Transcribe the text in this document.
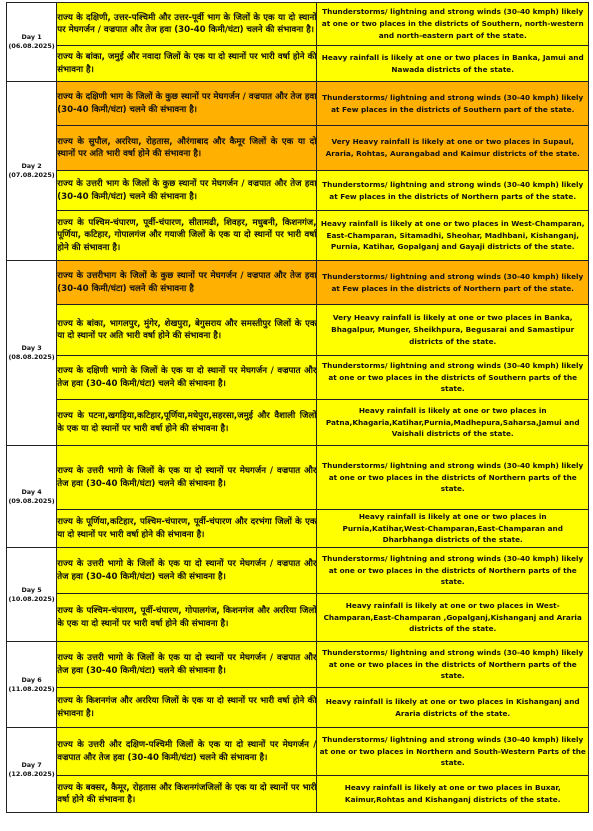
Day 1
(06.08.2025)	राज्य के दक्षिणी, उत्तर-पश्चिमी और उत्तर-पूर्वी भाग के जिलों के एक या दो स्थानों पर मेघगर्जन / वज्रपात और तेज हवा (30-40 किमी/घंटा) चलने की संभावना है।	Thunderstorms/ lightning and strong winds (30-40 kmph) likely at one or two places in the districts of Southern, north-western and north-eastern part of the state.
	राज्य के बांका, जमुई और नवादा जिलों के एक या दो स्थानों पर भारी वर्षा होने की संभावना है।	Heavy rainfall is likely at one or two places in Banka, Jamui and Nawada districts of the state.

Day 2
(07.08.2025)	राज्य के दक्षिणी भाग के जिलों के कुछ स्थानों पर मेघगर्जन / वज्रपात और तेज हवा (30-40 किमी/घंटा) चलने की संभावना है।	Thunderstorms/ lightning and strong winds (30-40 kmph) likely at Few places in the districts of Southern part of the state.
	राज्य के सुपौल, अररिया, रोहतास, औरंगाबाद और कैमूर जिलों के एक या दो स्थानों पर अति भारी वर्षा होने की संभावना है।	Very Heavy rainfall is likely at one or two places in Supaul, Araria, Rohtas, Aurangabad and Kaimur districts of the state.
	राज्य के उत्तरी भाग के जिलों के कुछ स्थानों पर मेघगर्जन / वज्रपात और तेज हवा (30-40 किमी/घंटा) चलने की संभावना है।	Thunderstorms/ lightning and strong winds (30-40 kmph) likely at Few places in the districts of Northern parts of the state.
	राज्य के पश्चिम-चंपारण, पूर्वी-चंपारण, सीतामढी, शिवहर, मधुबनी, किशनगंज, पूर्णिया, कटिहार, गोपालगंज और गयाजी जिलों के एक या दो स्थानों पर भारी वर्षा होने की संभावना है।	Heavy rainfall is likely at one or two places in West-Champaran, East-Champaran, Sitamadhi, Sheohar, Madhbani, Kishanganj, Purnia, Katihar, Gopalganj and Gayaji districts of the state.

Day 3
(08.08.2025)	राज्य के उत्तरीभाग के जिलों के कुछ स्थानों पर मेघगर्जन / वज्रपात और तेज हवा (30-40 किमी/घंटा) चलने की संभावना है	Thunderstorms/ lightning and strong winds (30-40 kmph) likely at Few places in the districts of Northern part of the state.
	राज्य के बांका, भागलपुर, मुंगेर, शेखपुरा, बेगुसराय और समस्तीपुर जिलों के एक या दो स्थानों पर अति भारी वर्षा होने की संभावना है।	Very Heavy rainfall is likely at one or two places in Banka, Bhagalpur, Munger, Sheikhpura, Begusarai and Samastipur districts of the state.
	राज्य के दक्षिणी भागो के जिलों के एक या दो स्थानों पर मेघगर्जन / वज्रपात और तेज हवा (30-40 किमी/घंटा) चलने की संभावना है।	Thunderstorms/ lightning and strong winds (30-40 kmph) likely at one or two places in the districts of Southern parts of the state.
	राज्य के पटना,खगड़िया,कटिहार,पूर्णिया,मधेपुरा,सहरसा,जमुई और वैशाली जिलों के एक या दो स्थानों पर भारी वर्षा होने की संभावना है।	Heavy rainfall is likely at one or two places in Patna,Khagaria,Katihar,Purnia,Madhepura,Saharsa,Jamui and Vaishali districts of the state.

Day 4
(09.08.2025)	राज्य के उत्तरी भागो के जिलों के एक या दो स्थानों पर मेघगर्जन / वज्रपात और तेज हवा (30-40 किमी/घंटा) चलने की संभावना है।	Thunderstorms/ lightning and strong winds (30-40 kmph) likely at one or two places in the districts of Northern parts of the state.
	राज्य के पूर्णिया,कटिहार, पश्चिम-चंपारण, पूर्वी-चंपारण और दरभंगा जिलों के एक या दो स्थानों पर भारी वर्षा होने की संभावना है।	Heavy rainfall is likely at one or two places in Purnia,Katihar,West-Champaran,East-Champaran and Dharbhanga districts of the state.

Day 5
(10.08.2025)	राज्य के उत्तरी भागो के जिलों के एक या दो स्थानों पर मेघगर्जन / वज्रपात और तेज हवा (30-40 किमी/घंटा) चलने की संभावना है।	Thunderstorms/ lightning and strong winds (30-40 kmph) likely at one or two places in the districts of Northern parts of the state.
	राज्य के पश्चिम-चंपारण, पूर्वी-चंपारण, गोपालगंज, किशनगंज और अररिया जिलों के एक या दो स्थानों पर भारी वर्षा होने की संभावना है।	Heavy rainfall is likely at one or two places in West-Champaran,East-Champaran ,Gopalganj,Kishanganj and Araria districts of the state.

Day 6
(11.08.2025)	राज्य के उत्तरी भागो के जिलों के एक या दो स्थानों पर मेघगर्जन / वज्रपात और तेज हवा (30-40 किमी/घंटा) चलने की संभावना है।	Thunderstorms/ lightning and strong winds (30-40 kmph) likely at one or two places in the districts of Northern parts of the state.
	राज्य के किशनगंज और अररिया जिलों के एक या दो स्थानों पर भारी वर्षा होने की संभावना है।	Heavy rainfall is likely at one or two places in Kishanganj and Araria districts of the state.

Day 7
(12.08.2025)	राज्य के उत्तरी और दक्षिण-पश्चिमी जिलों के एक या दो स्थानों पर मेघगर्जन / वज्रपात और तेज हवा (30-40 किमी/घंटा) चलने की संभावना है।	Thunderstorms/ lightning and strong winds (30-40 kmph) likely at one or two places in Northern and South-Western Parts of the state.
	राज्य के बक्सर, कैमूर, रोहतास और किशनगंजजिलों के एक या दो स्थानों पर भारी वर्षा होने की संभावना है।	Heavy rainfall is likely at one or two places in Buxar, Kaimur,Rohtas and Kishanganj districts of the state.
